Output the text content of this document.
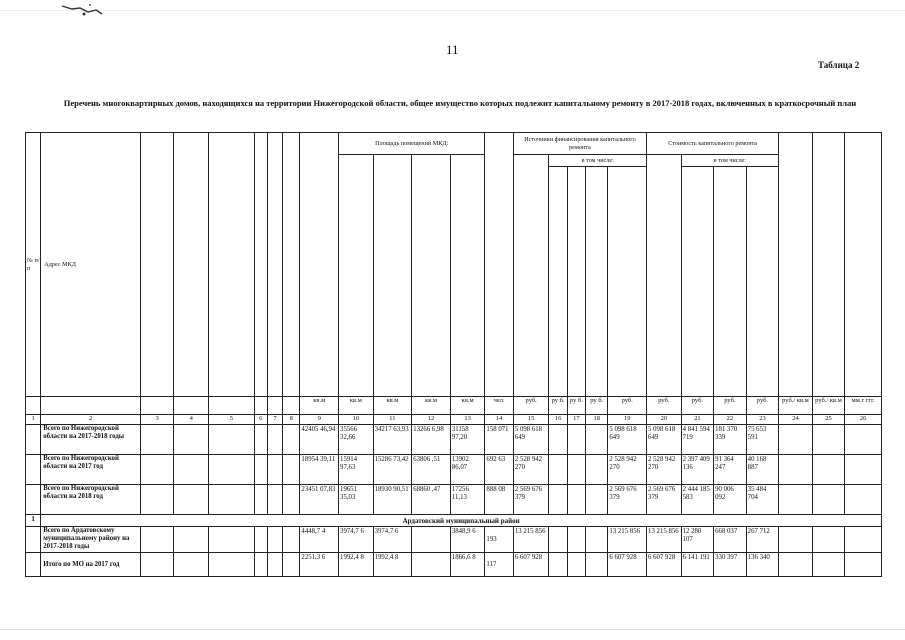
11
Таблица 2
Перечень многоквартирных домов, находящихся на территории Нижегородской области, общее имущество которых подлежит капитальному ремонту в 2017-2018 годах, включенных в краткосрочный план
№ п/ п	Адрес МКД								Площадь помещений МКД:					Источники финансирования капитального ремонта					Стоимость капитального ремонта	

	в том числе:					в том числе:					

								кв.м	кв.м	кв.м	кв.м	кв.м	чел.	руб.	ру б.	ру б.	ру б.	руб.	руб.	руб.	руб.	руб.	руб./ кв.м	руб./ кв.м	мм.г ггг.
1	2	3	4	5	6	7	8	9	10	11	12	13	14	15	16	17	18	19	20	21	22	23	24	25	26
	Всего по Нижегородской области на 2017-2018 годы							42405 46,94	35566 32,66	34217 63,93	13266 6,98	31158 97,20	158 071	5 098 618 649				5 098 618 649	5 098 618 649	4 841 594 719	181 370 339	75 653 591			
	Всего по Нижегородской области на 2017 год							18954 39,11	15914 97,63	15286 73,42	63806 ,51	13902 86,07	692 63	2 528 942 270				2 528 942 270	2 528 942 270	2 397 409 136	91 364 247	40 168 887			
	Всего по Нижегородской области на 2018 год							23451 07,83	19651 35,03	18930 90,51	68860 ,47	17256 11,13	888 08	2 569 676 379				2 569 676 379	2 569 676 379	2 444 185 583	90 006 092	35 484 704			
1	Ардатовский муниципальный район																								
	Всего по Ардатовскому муниципальному району на 2017-2018 годы							4448,7 4	3974,7 6	3974,7 6		3848,9 6	193	13 215 856				13 215 856	13 215 856	12 280 107	668 037	267 712			
	Итого по МО на 2017 год							2251,3 6	1992,4 8	1992,4 8		1866,6 8	117	6 607 928				6 607 928	6 607 928	6 141 191	330 397	136 340			
